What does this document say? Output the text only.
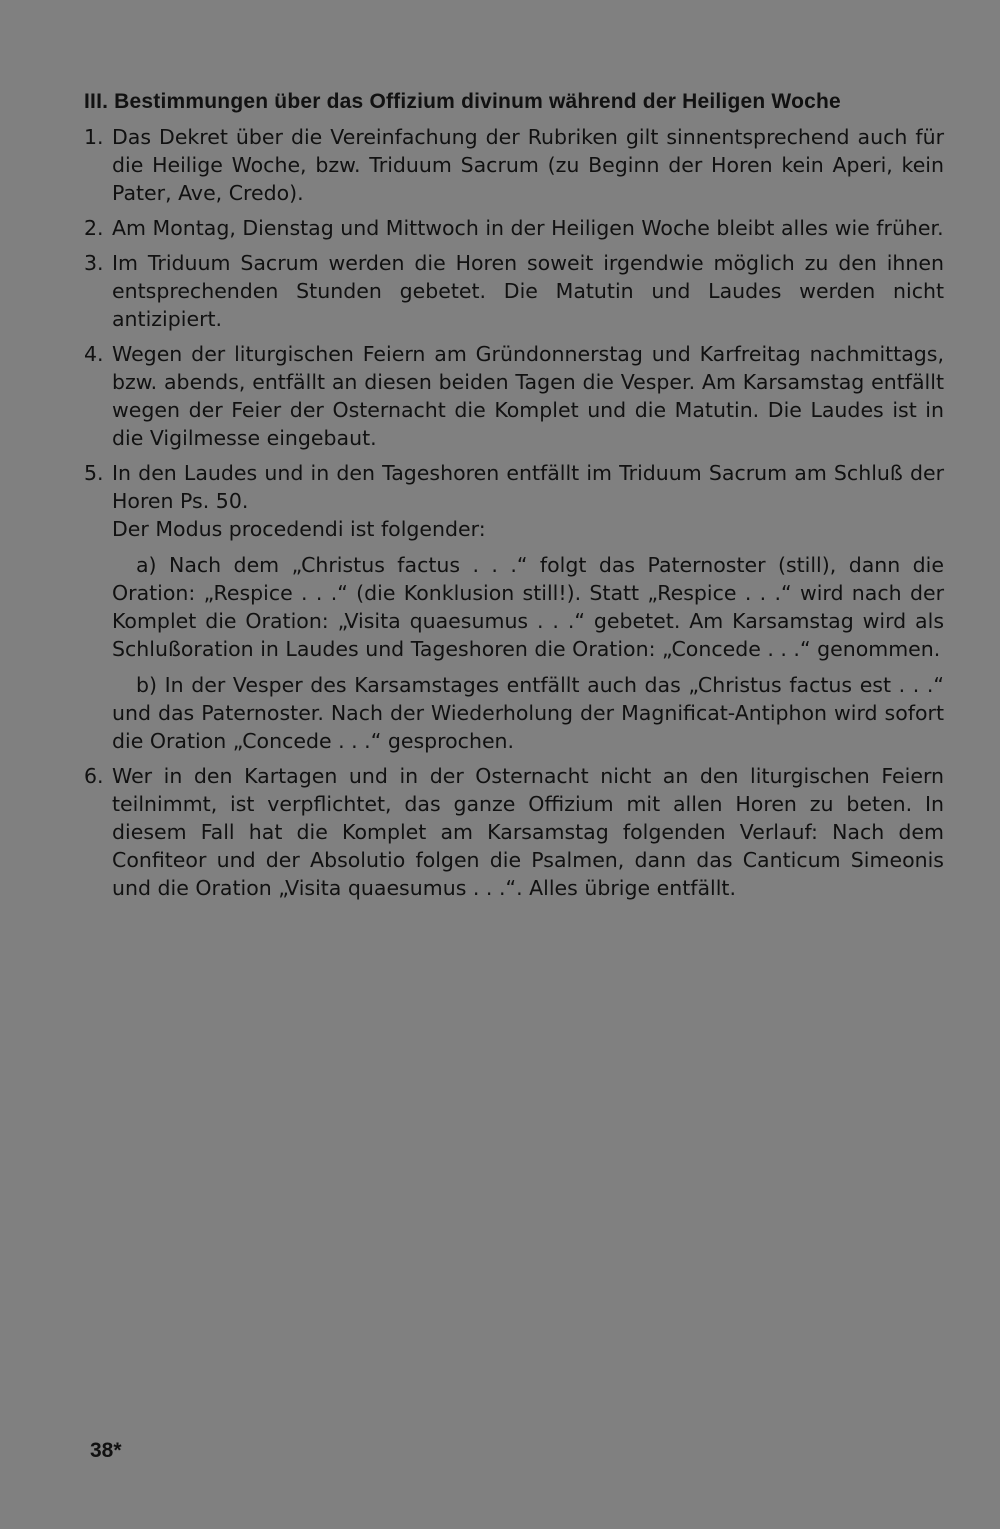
III. Bestimmungen über das Offizium divinum während der Heiligen Woche
1. Das Dekret über die Vereinfachung der Rubriken gilt sinnentsprechend auch für die Heilige Woche, bzw. Triduum Sacrum (zu Beginn der Horen kein Aperi, kein Pater, Ave, Credo).
2. Am Montag, Dienstag und Mittwoch in der Heiligen Woche bleibt alles wie früher.
3. Im Triduum Sacrum werden die Horen soweit irgendwie möglich zu den ihnen entsprechenden Stunden gebetet. Die Matutin und Laudes werden nicht antizipiert.
4. Wegen der liturgischen Feiern am Gründonnerstag und Karfreitag nachmittags, bzw. abends, entfällt an diesen beiden Tagen die Vesper. Am Karsamstag entfällt wegen der Feier der Osternacht die Komplet und die Matutin. Die Laudes ist in die Vigilmesse eingebaut.
5. In den Laudes und in den Tageshoren entfällt im Triduum Sacrum am Schluß der Horen Ps. 50.
Der Modus procedendi ist folgender:
a) Nach dem „Christus factus . . .“ folgt das Paternoster (still), dann die Oration: „Respice . . .“ (die Konklusion still!). Statt „Respice . . .“ wird nach der Komplet die Oration: „Visita quaesumus . . .“ gebetet. Am Karsamstag wird als Schlußoration in Laudes und Tageshoren die Oration: „Concede . . .“ genommen.
b) In der Vesper des Karsamstages entfällt auch das „Christus factus est . . .“ und das Paternoster. Nach der Wiederholung der Magnificat-Antiphon wird sofort die Oration „Concede . . .“ gesprochen.
6. Wer in den Kartagen und in der Osternacht nicht an den liturgischen Feiern teilnimmt, ist verpflichtet, das ganze Offizium mit allen Horen zu beten. In diesem Fall hat die Komplet am Karsamstag folgenden Verlauf: Nach dem Confiteor und der Absolutio folgen die Psalmen, dann das Canticum Simeonis und die Oration „Visita quaesumus . . .“. Alles übrige entfällt.
38*
